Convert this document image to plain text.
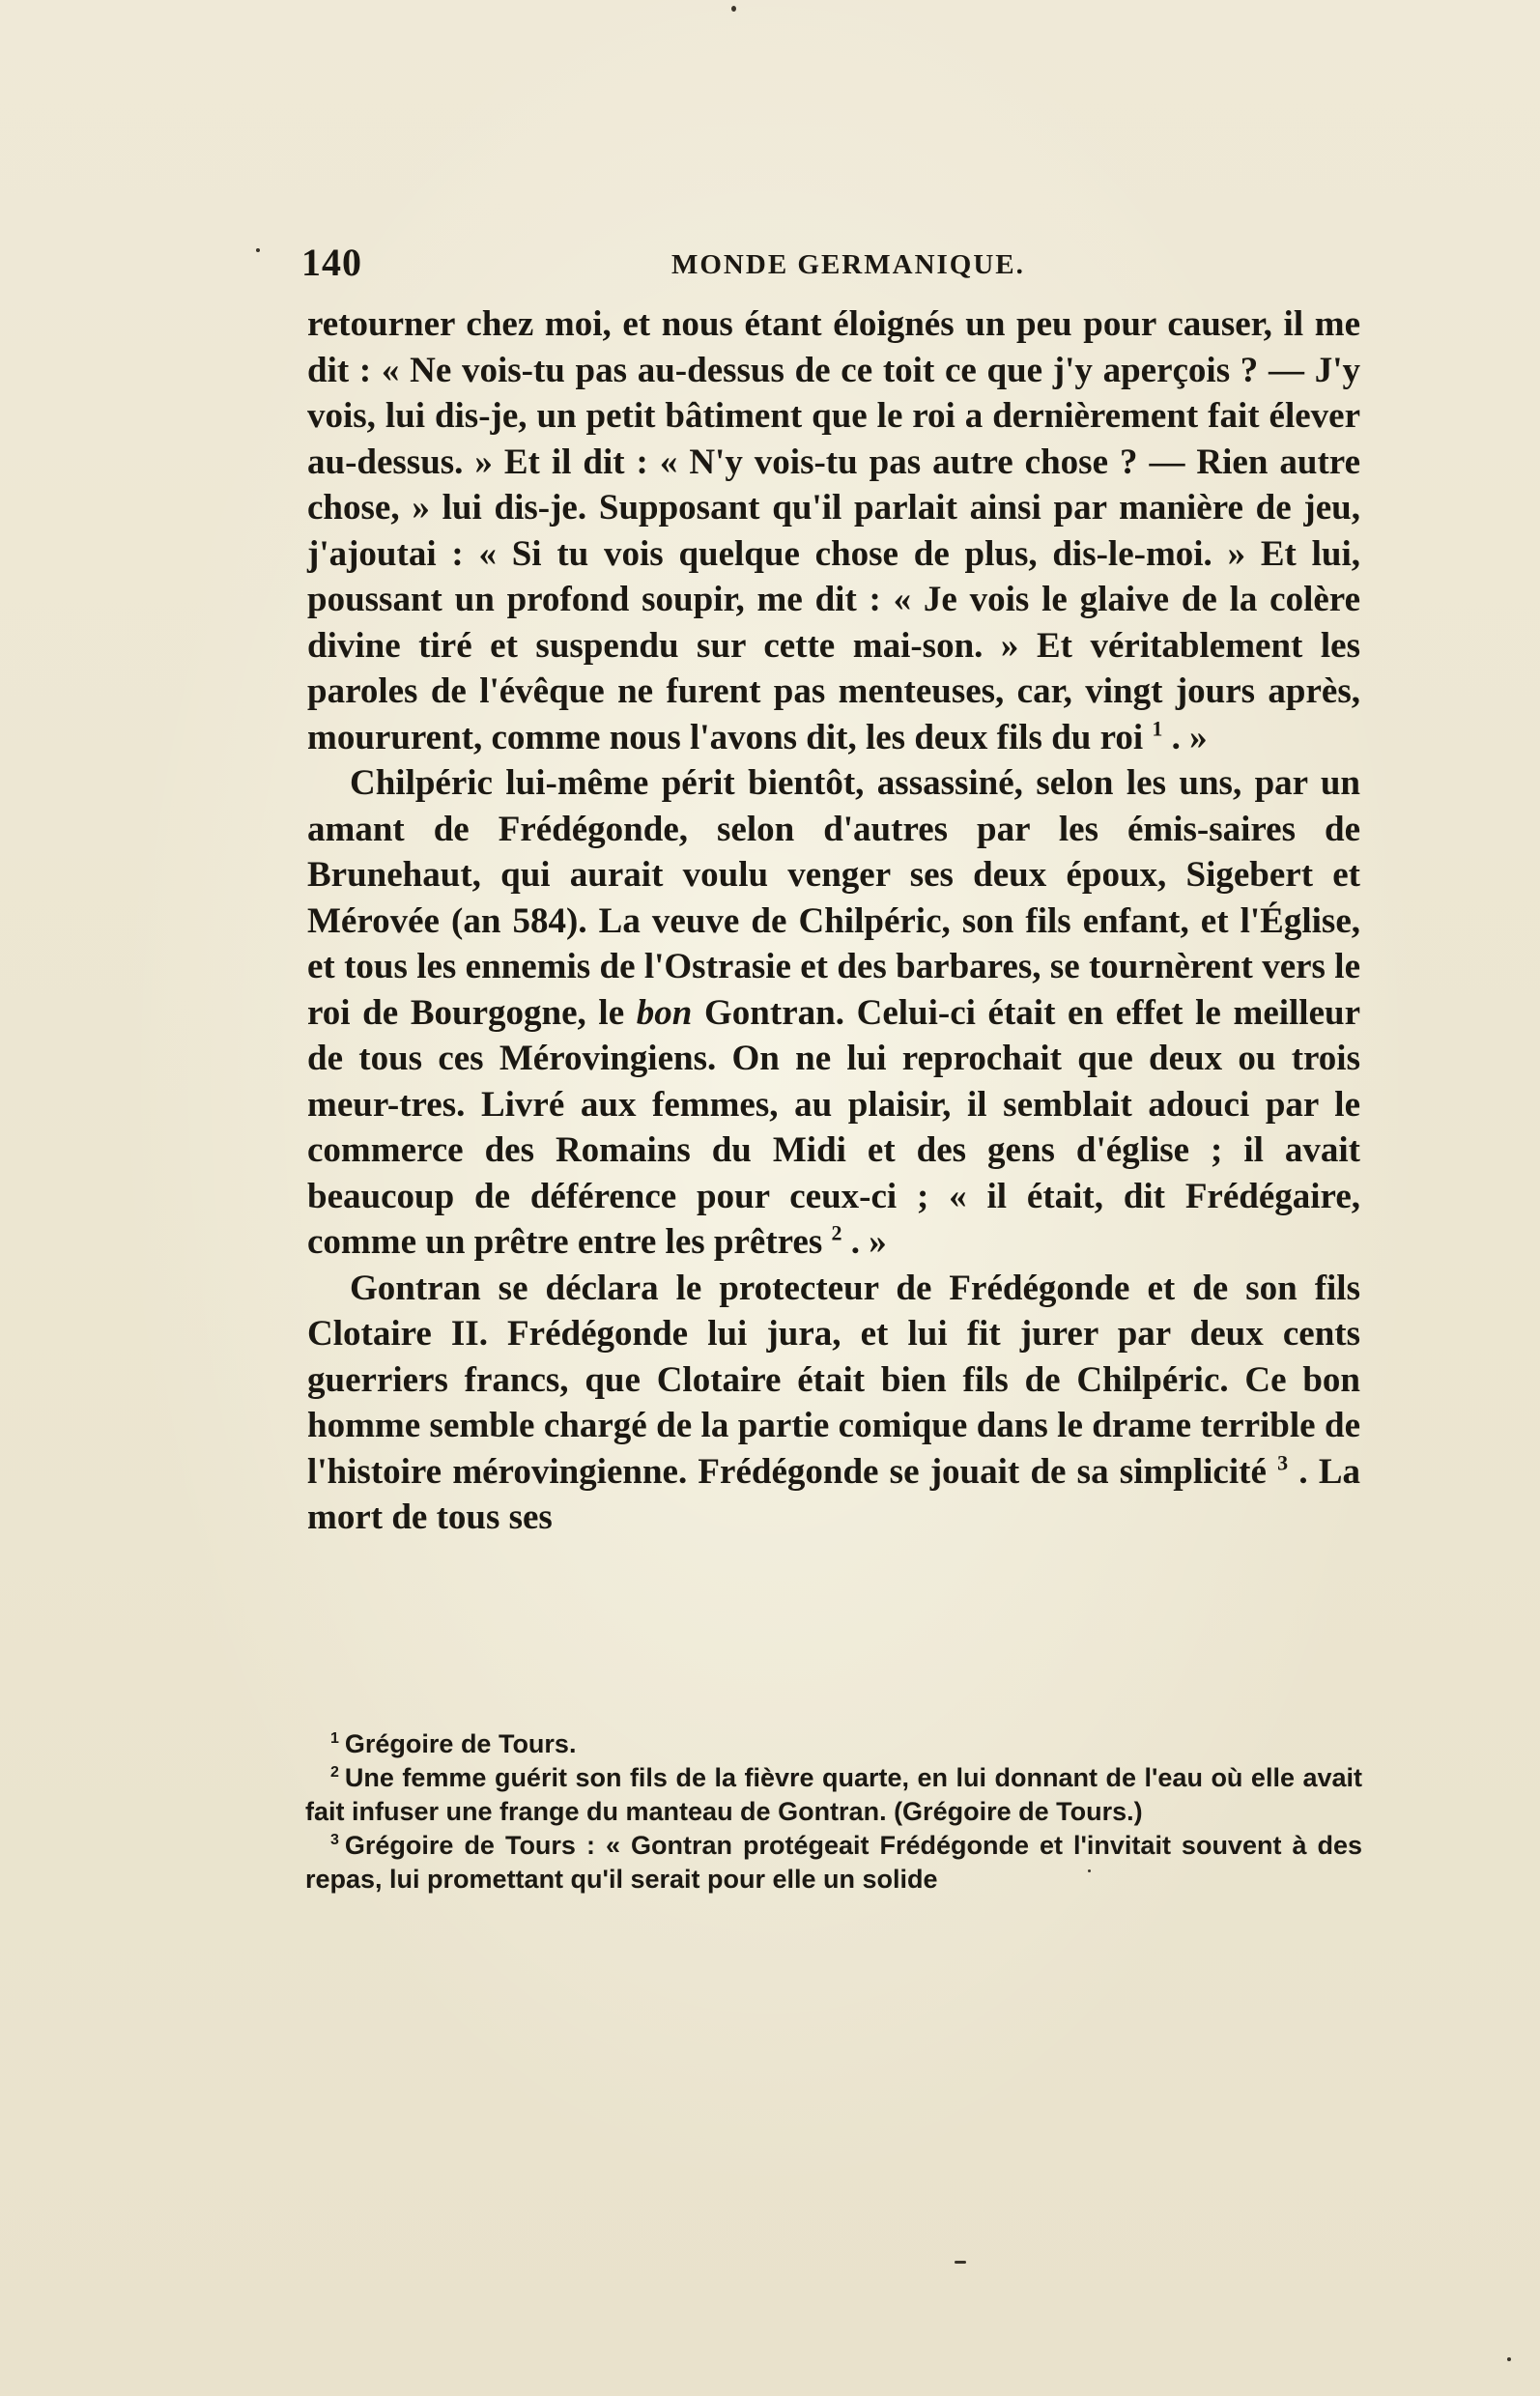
140	MONDE GERMANIQUE.

retourner chez moi, et nous étant éloignés un peu pour causer, il me dit : « Ne vois-tu pas au-dessus de ce toit ce que j'y aperçois ? — J'y vois, lui dis-je, un petit bâtiment que le roi a dernièrement fait élever au-dessus. » Et il dit : « N'y vois-tu pas autre chose ? — Rien autre chose, » lui dis-je. Supposant qu'il parlait ainsi par manière de jeu, j'ajoutai : « Si tu vois quelque chose de plus, dis-le-moi. » Et lui, poussant un profond soupir, me dit : « Je vois le glaive de la colère divine tiré et suspendu sur cette mai-son. » Et véritablement les paroles de l'évêque ne furent pas menteuses, car, vingt jours après, moururent, comme nous l'avons dit, les deux fils du roi $^1$ . »

Chilpéric lui-même périt bientôt, assassiné, selon les uns, par un amant de Frédégonde, selon d'autres par les émis-saires de Brunehaut, qui aurait voulu venger ses deux époux, Sigebert et Mérovée (an 584). La veuve de Chilpéric, son fils enfant, et l'Église, et tous les ennemis de l'Ostrasie et des barbares, se tournèrent vers le roi de Bourgogne, le bon Gontran. Celui-ci était en effet le meilleur de tous ces Mérovingiens. On ne lui reprochait que deux ou trois meur-tres. Livré aux femmes, au plaisir, il semblait adouci par le commerce des Romains du Midi et des gens d'église ; il avait beaucoup de déférence pour ceux-ci ; « il était, dit Frédégaire, comme un prêtre entre les prêtres $^2$ . »

Gontran se déclara le protecteur de Frédégonde et de son fils Clotaire II. Frédégonde lui jura, et lui fit jurer par deux cents guerriers francs, que Clotaire était bien fils de Chilpéric. Ce bon homme semble chargé de la partie comique dans le drame terrible de l'histoire mérovingienne. Frédégonde se jouait de sa simplicité $^3$ . La mort de tous ses

$^1$ Grégoire de Tours.

$^2$ Une femme guérit son fils de la fièvre quarte, en lui donnant de l'eau où elle avait fait infuser une frange du manteau de Gontran. (Grégoire de Tours.)

$^3$ Grégoire de Tours : « Gontran protégeait Frédégonde et l'invitait souvent à des repas, lui promettant qu'il serait pour elle un solide
